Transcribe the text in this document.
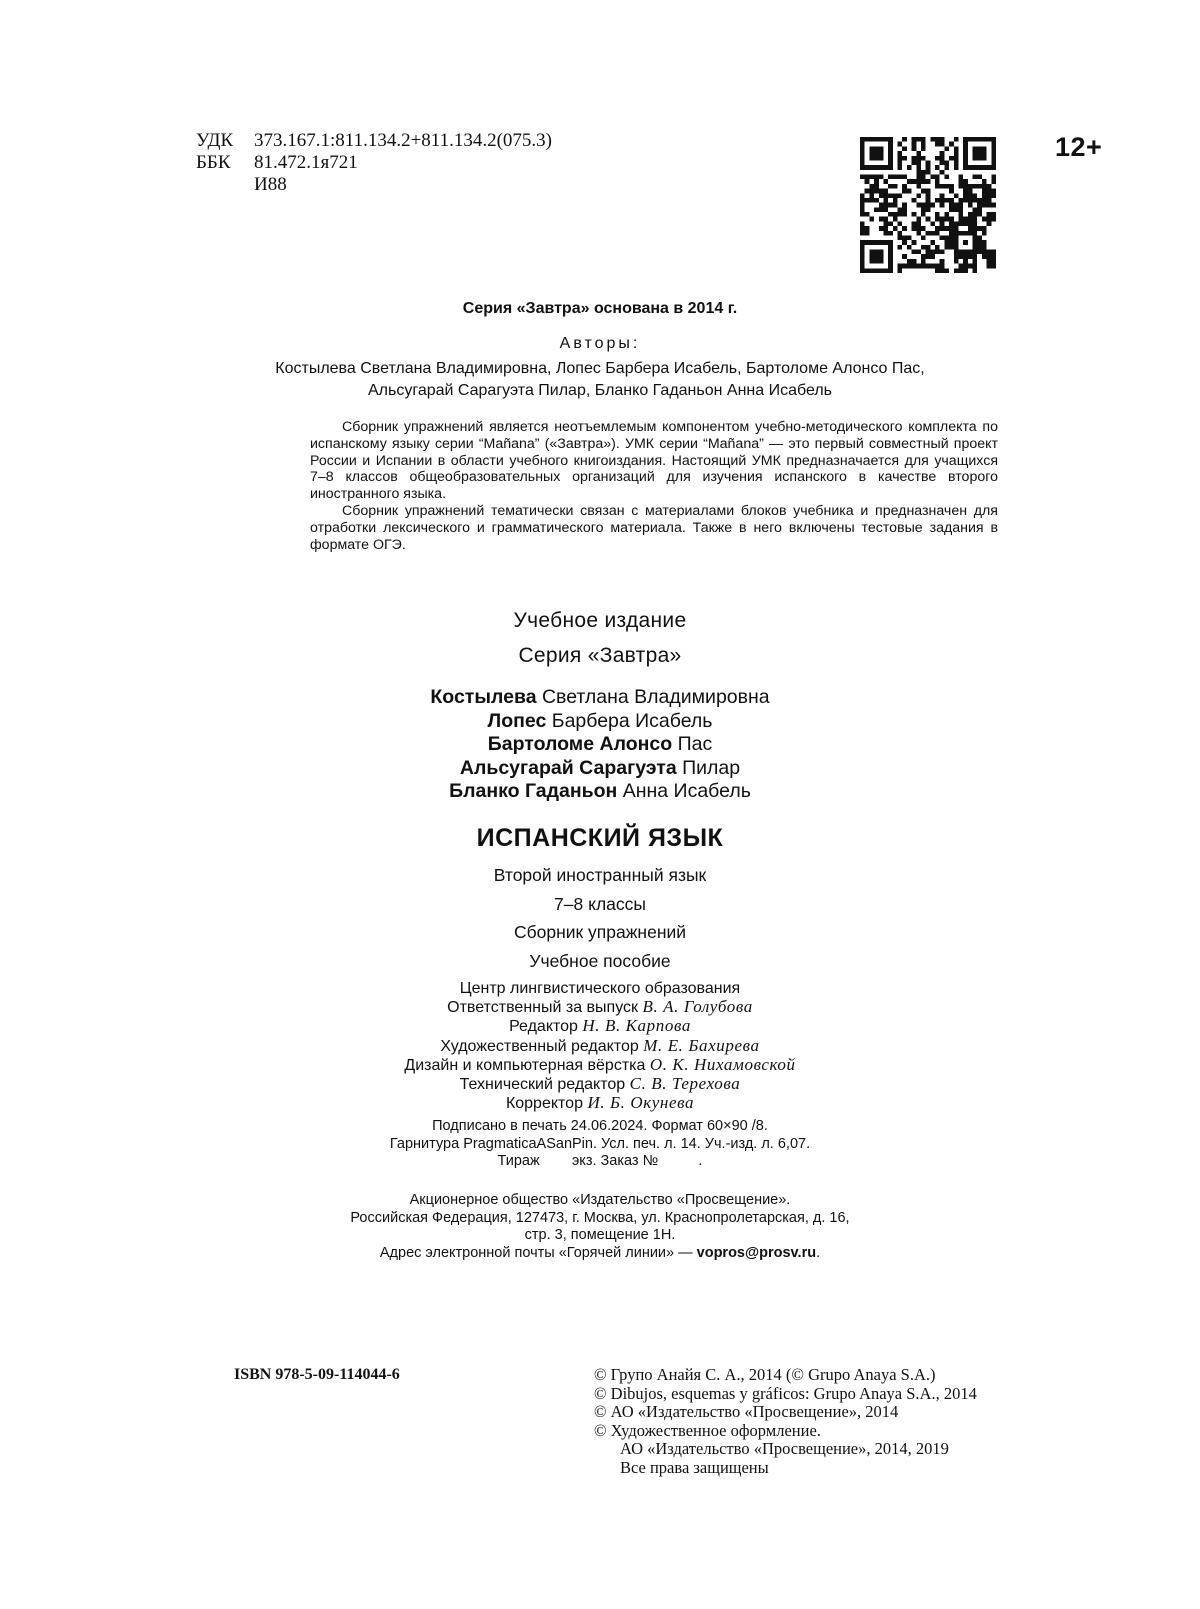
УДК	373.167.1:811.134.2+811.134.2(075.3)
ББК	81.472.1я721
И88
12+
Серия «Завтра» основана в 2014 г.
Авторы:
Костылева Светлана Владимировна, Лопес Барбера Исабель, Бартоломе Алонсо Пас,
Альсугарай Сарагуэта Пилар, Бланко Гаданьон Анна Исабель

Сборник упражнений является неотъемлемым компонентом учебно-методического комплекта по испанскому языку серии “Mañana” («Завтра»). УМК серии “Mañana” — это первый совместный проект России и Испании в области учебного книгоиздания. Настоящий УМК предназначается для учащихся 7–8 классов общеобразовательных организаций для изучения испанского в качестве второго иностранного языка.

Сборник упражнений тематически связан с материалами блоков учебника и предназначен для отработки лексического и грамматического материала. Также в него включены тестовые задания в формате ОГЭ.

Учебное издание
Серия «Завтра»
Костылева Светлана Владимировна
Лопес Барбера Исабель
Бартоломе Алонсо Пас
Альсугарай Сарагуэта Пилар
Бланко Гаданьон Анна Исабель
ИСПАНСКИЙ ЯЗЫК
Второй иностранный язык
7–8 классы
Сборник упражнений
Учебное пособие
Центр лингвистического образования
Ответственный за выпуск В. А. Голубова
Редактор Н. В. Карпова
Художественный редактор М. Е. Бахирева
Дизайн и компьютерная вёрстка О. К. Нихамовской
Технический редактор С. В. Терехова
Корректор И. Б. Окунева
Подписано в печать 24.06.2024. Формат 60×90 /8.
Гарнитура PragmaticaASanPin. Усл. печ. л. 14. Уч.-изд. л. 6,07.
Тираж        экз. Заказ №          .
Акционерное общество «Издательство «Просвещение».
Российская Федерация, 127473, г. Москва, ул. Краснопролетарская, д. 16,
стр. 3, помещение 1Н.
Адрес электронной почты «Горячей линии» — vopros@prosv.ru.
ISBN 978-5-09-114044-6	© Групо Анайя С. А., 2014 (© Grupo Anaya S.A.)
© Dibujos, esquemas y gráficos: Grupo Anaya S.A., 2014
© АО «Издательство «Просвещение», 2014
© Художественное оформление.
АО «Издательство «Просвещение», 2014, 2019
Все права защищены
